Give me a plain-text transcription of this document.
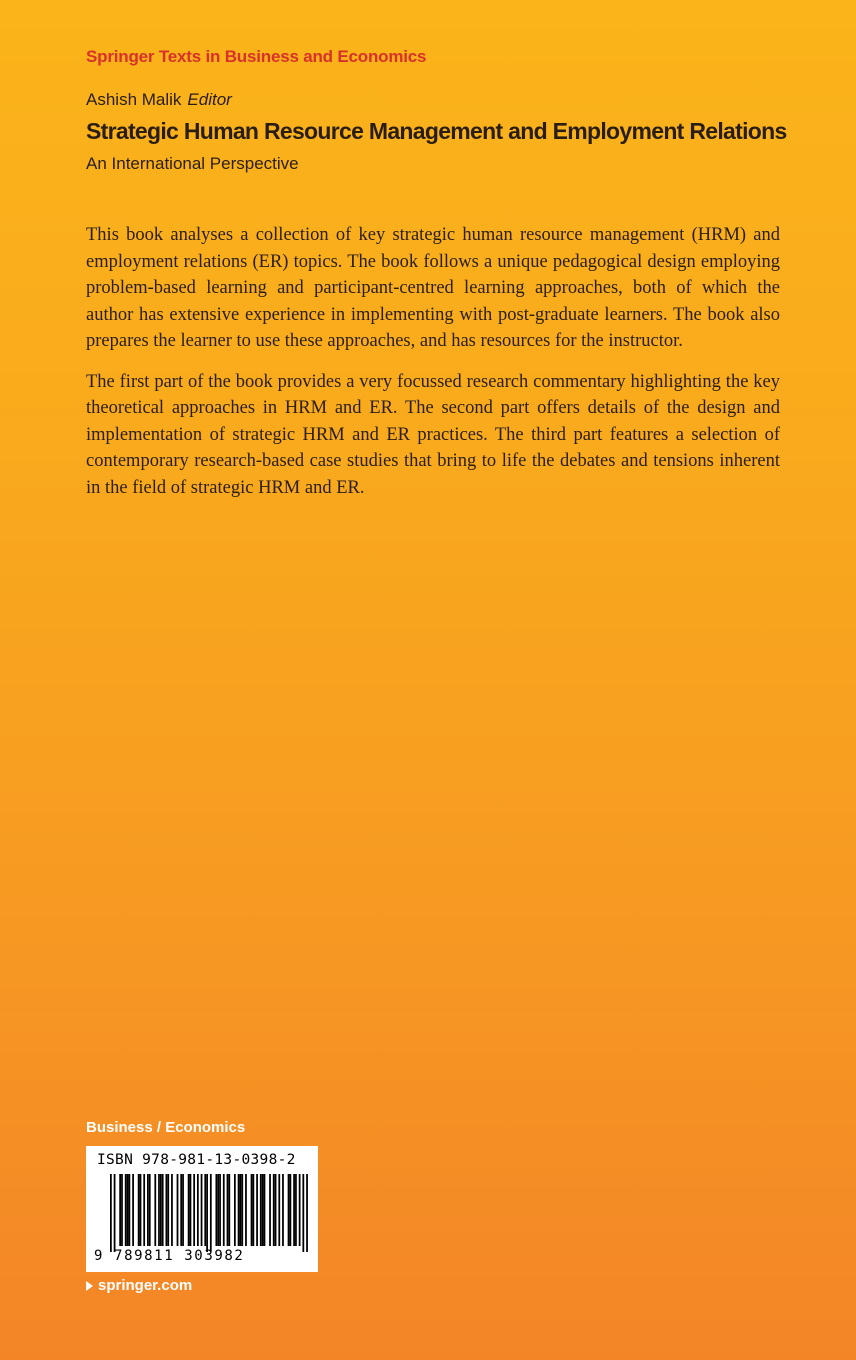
Springer Texts in Business and Economics
Ashish Malik Editor
Strategic Human Resource Management and Employment Relations
An International Perspective

This book analyses a collection of key strategic human resource management (HRM) and employment relations (ER) topics. The book follows a unique pedagogical design employing problem-based learning and participant-centred learning approaches, both of which the author has extensive experience in implementing with post-graduate learners. The book also prepares the learner to use these approaches, and has resources for the instructor.

The first part of the book provides a very focussed research commentary highlighting the key theoretical approaches in HRM and ER. The second part offers details of the design and implementation of strategic HRM and ER practices. The third part features a selection of contemporary research-based case studies that bring to life the debates and tensions inherent in the field of strategic HRM and ER.

Business / Economics
ISBN 978-981-13-0398-2
9 789811 303982
springer.com
